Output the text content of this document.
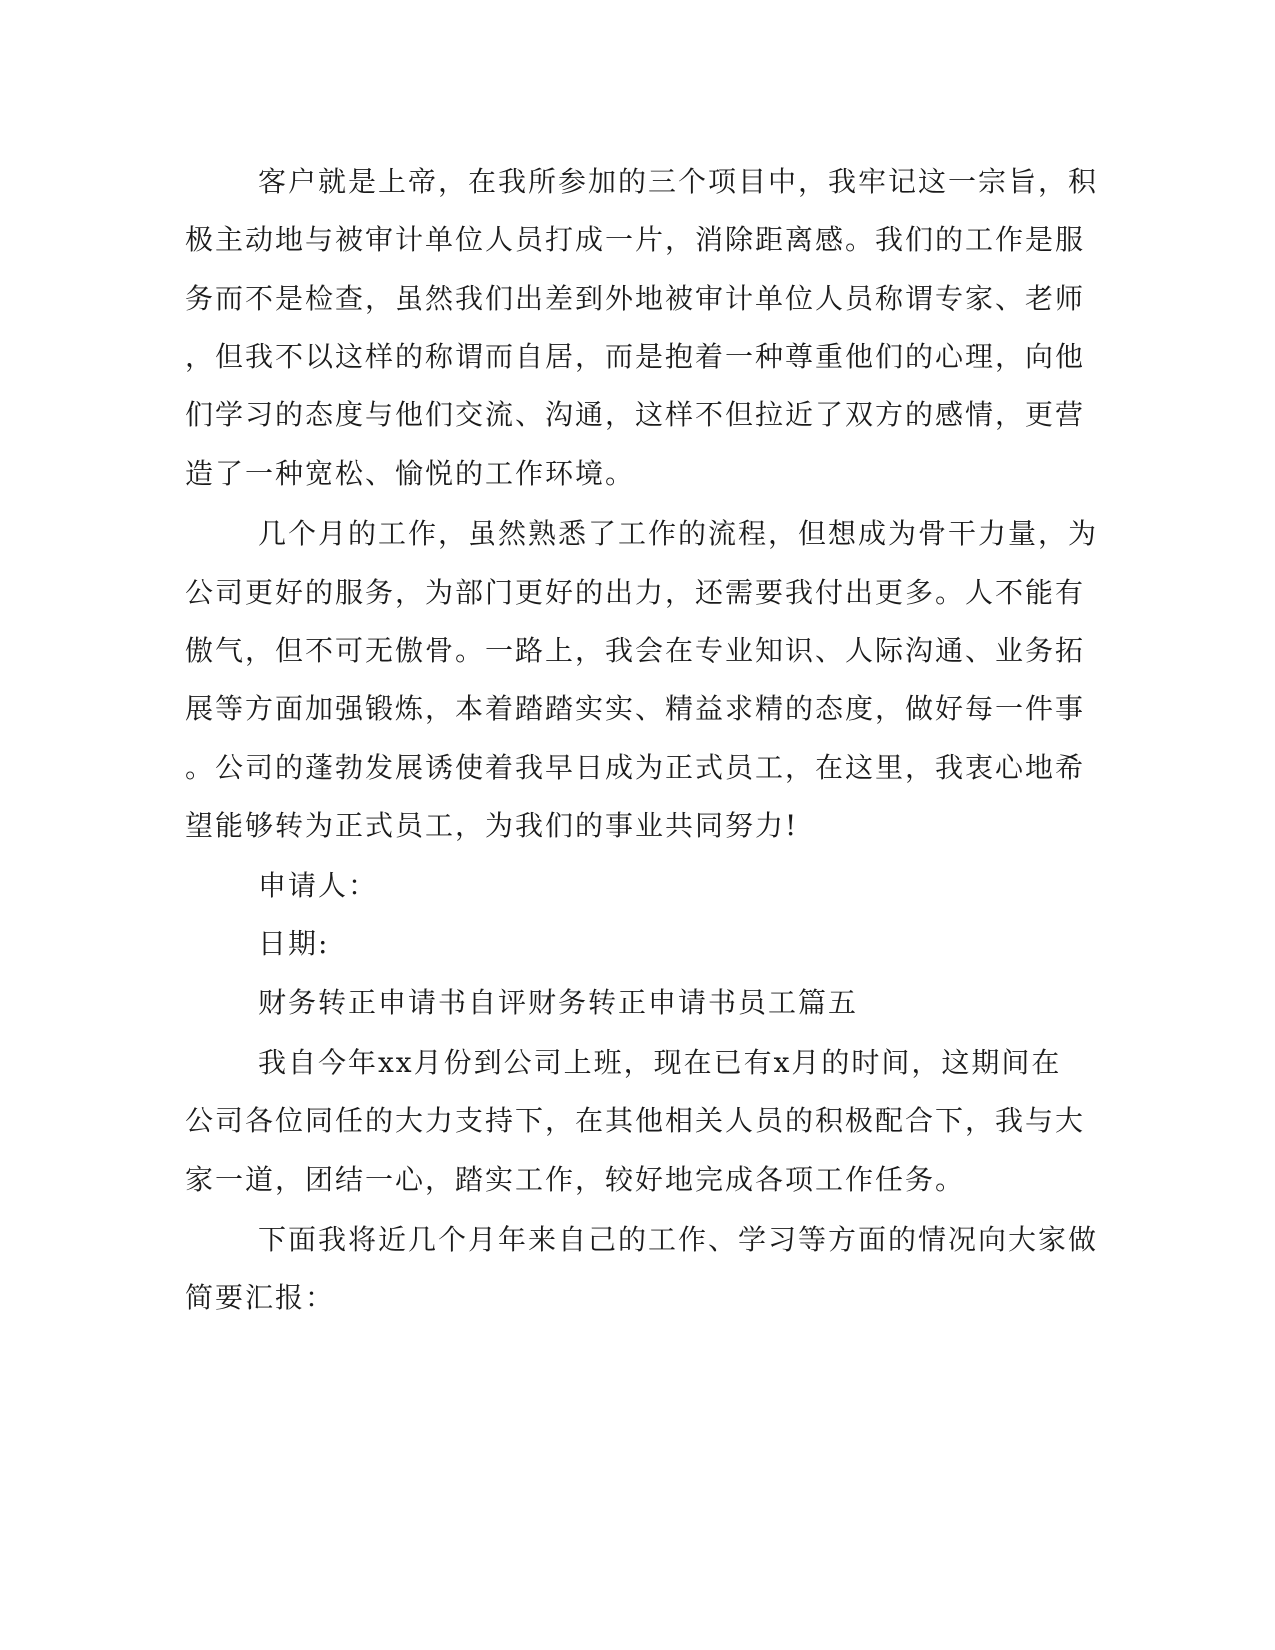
客户就是上帝，在我所参加的三个项目中，我牢记这一宗旨，积
极主动地与被审计单位人员打成一片，消除距离感。我们的工作是服
务而不是检查，虽然我们出差到外地被审计单位人员称谓专家、老师
，但我不以这样的称谓而自居，而是抱着一种尊重他们的心理，向他
们学习的态度与他们交流、沟通，这样不但拉近了双方的感情，更营
造了一种宽松、愉悦的工作环境。
几个月的工作，虽然熟悉了工作的流程，但想成为骨干力量，为
公司更好的服务，为部门更好的出力，还需要我付出更多。人不能有
傲气，但不可无傲骨。一路上，我会在专业知识、人际沟通、业务拓
展等方面加强锻炼，本着踏踏实实、精益求精的态度，做好每一件事
。公司的蓬勃发展诱使着我早日成为正式员工，在这里，我衷心地希
望能够转为正式员工，为我们的事业共同努力!
申请人：
日期:
财务转正申请书自评财务转正申请书员工篇五
我自今年xx月份到公司上班，现在已有x月的时间，这期间在
公司各位同任的大力支持下，在其他相关人员的积极配合下，我与大
家一道，团结一心，踏实工作，较好地完成各项工作任务。
下面我将近几个月年来自己的工作、学习等方面的情况向大家做
简要汇报：
